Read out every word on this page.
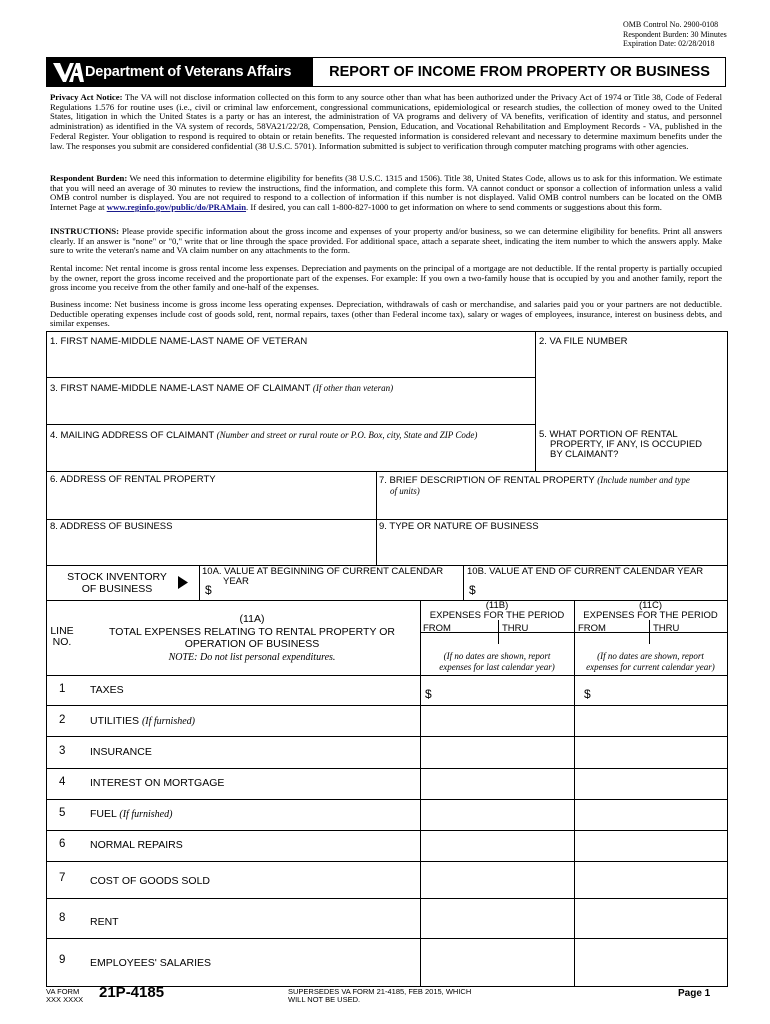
OMB Control No. 2900-0108
Respondent Burden: 30 Minutes
Expiration Date: 02/28/2018
Department of Veterans Affairs	REPORT OF INCOME FROM PROPERTY OR BUSINESS
Privacy Act Notice: The VA will not disclose information collected on this form to any source other than what has been authorized under the Privacy Act of 1974 or Title 38, Code of Federal Regulations 1.576 for routine uses (i.e., civil or criminal law enforcement, congressional communications, epidemiological or research studies, the collection of money owed to the United States, litigation in which the United States is a party or has an interest, the administration of VA programs and delivery of VA benefits, verification of identity and status, and personnel administration) as identified in the VA system of records, 58VA21/22/28, Compensation, Pension, Education, and Vocational Rehabilitation and Employment Records - VA, published in the Federal Register. Your obligation to respond is required to obtain or retain benefits. The requested information is considered relevant and necessary to determine maximum benefits under the law. The responses you submit are considered confidential (38 U.S.C. 5701). Information submitted is subject to verification through computer matching programs with other agencies.
Respondent Burden: We need this information to determine eligibility for benefits (38 U.S.C. 1315 and 1506). Title 38, United States Code, allows us to ask for this information. We estimate that you will need an average of 30 minutes to review the instructions, find the information, and complete this form. VA cannot conduct or sponsor a collection of information unless a valid OMB control number is displayed. You are not required to respond to a collection of information if this number is not displayed. Valid OMB control numbers can be located on the OMB Internet Page at www.reginfo.gov/public/do/PRAMain. If desired, you can call 1-800-827-1000 to get information on where to send comments or suggestions about this form.
INSTRUCTIONS: Please provide specific information about the gross income and expenses of your property and/or business, so we can determine eligibility for benefits. Print all answers clearly. If an answer is "none" or "0," write that or line through the space provided. For additional space, attach a separate sheet, indicating the item number to which the answers apply. Make sure to write the veteran's name and VA claim number on any attachments to the form.
Rental income: Net rental income is gross rental income less expenses. Depreciation and payments on the principal of a mortgage are not deductible. If the rental property is partially occupied by the owner, report the gross income received and the proportionate part of the expenses. For example: If you own a two-family house that is occupied by you and another family, report the gross income you receive from the other family and one-half of the expenses.
Business income: Net business income is gross income less operating expenses. Depreciation, withdrawals of cash or merchandise, and salaries paid you or your partners are not deductible. Deductible operating expenses include cost of goods sold, rent, normal repairs, taxes (other than Federal income tax), salary or wages of employees, insurance, interest on business debts, and similar expenses.
1. FIRST NAME-MIDDLE NAME-LAST NAME OF VETERAN	2. VA FILE NUMBER
3. FIRST NAME-MIDDLE NAME-LAST NAME OF CLAIMANT (If other than veteran)
4. MAILING ADDRESS OF CLAIMANT (Number and street or rural route or P.O. Box, city, State and ZIP Code)	5. WHAT PORTION OF RENTAL
PROPERTY, IF ANY, IS OCCUPIED
BY CLAIMANT?
6. ADDRESS OF RENTAL PROPERTY	7. BRIEF DESCRIPTION OF RENTAL PROPERTY (Include number and type
of units)
8. ADDRESS OF BUSINESS	9. TYPE OR NATURE OF BUSINESS
STOCK INVENTORY
OF BUSINESS
10A. VALUE AT BEGINNING OF CURRENT CALENDAR
YEAR
$
10B. VALUE AT END OF CURRENT CALENDAR YEAR
$
LINE
NO.
(11A)
TOTAL EXPENSES RELATING TO RENTAL PROPERTY OR
OPERATION OF BUSINESS
NOTE: Do not list personal expenditures.
(11B)
EXPENSES FOR THE PERIOD
FROM	THRU
(If no dates are shown, report
expenses for last calendar year)
(11C)
EXPENSES FOR THE PERIOD
FROM	THRU
(If no dates are shown, report
expenses for current calendar year)
1 TAXES	$	$
2 UTILITIES (If furnished)
3 INSURANCE
4 INTEREST ON MORTGAGE
5 FUEL (If furnished)
6 NORMAL REPAIRS
7 COST OF GOODS SOLD
8 RENT
9 EMPLOYEES' SALARIES
VA FORM
XXX XXXX 21P-4185	SUPERSEDES VA FORM 21-4185, FEB 2015, WHICH
WILL NOT BE USED.
Page 1
